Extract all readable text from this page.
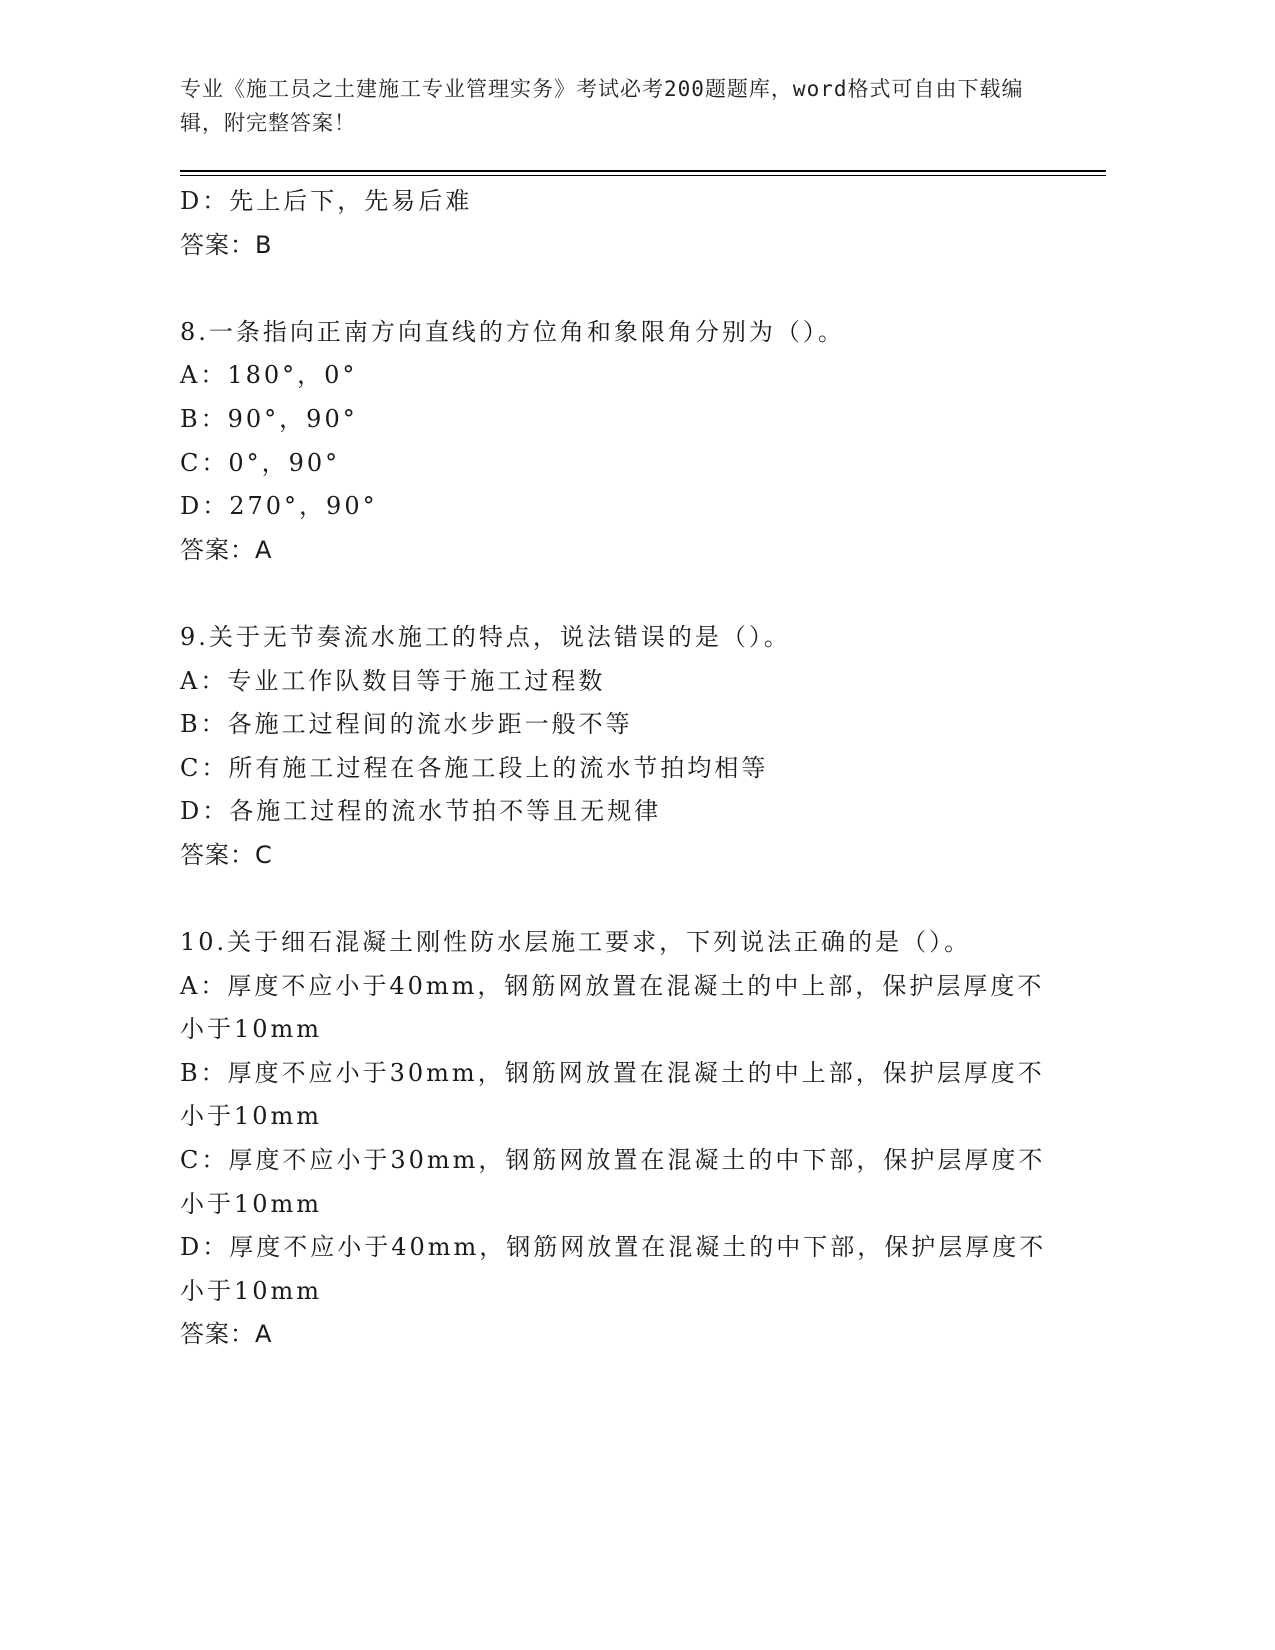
专业《施工员之土建施工专业管理实务》考试必考200题题库，word格式可自由下载编辑，附完整答案！
D：先上后下，先易后难
答案：B
8.一条指向正南方向直线的方位角和象限角分别为（）。
A：180°，0°
B：90°，90°
C：0°，90°
D：270°，90°
答案：A
9.关于无节奏流水施工的特点，说法错误的是（）。
A：专业工作队数目等于施工过程数
B：各施工过程间的流水步距一般不等
C：所有施工过程在各施工段上的流水节拍均相等
D：各施工过程的流水节拍不等且无规律
答案：C
10.关于细石混凝土刚性防水层施工要求，下列说法正确的是（）。
A：厚度不应小于40mm，钢筋网放置在混凝土的中上部，保护层厚度不小于10mm
B：厚度不应小于30mm，钢筋网放置在混凝土的中上部，保护层厚度不小于10mm
C：厚度不应小于30mm，钢筋网放置在混凝土的中下部，保护层厚度不小于10mm
D：厚度不应小于40mm，钢筋网放置在混凝土的中下部，保护层厚度不小于10mm
答案：A
